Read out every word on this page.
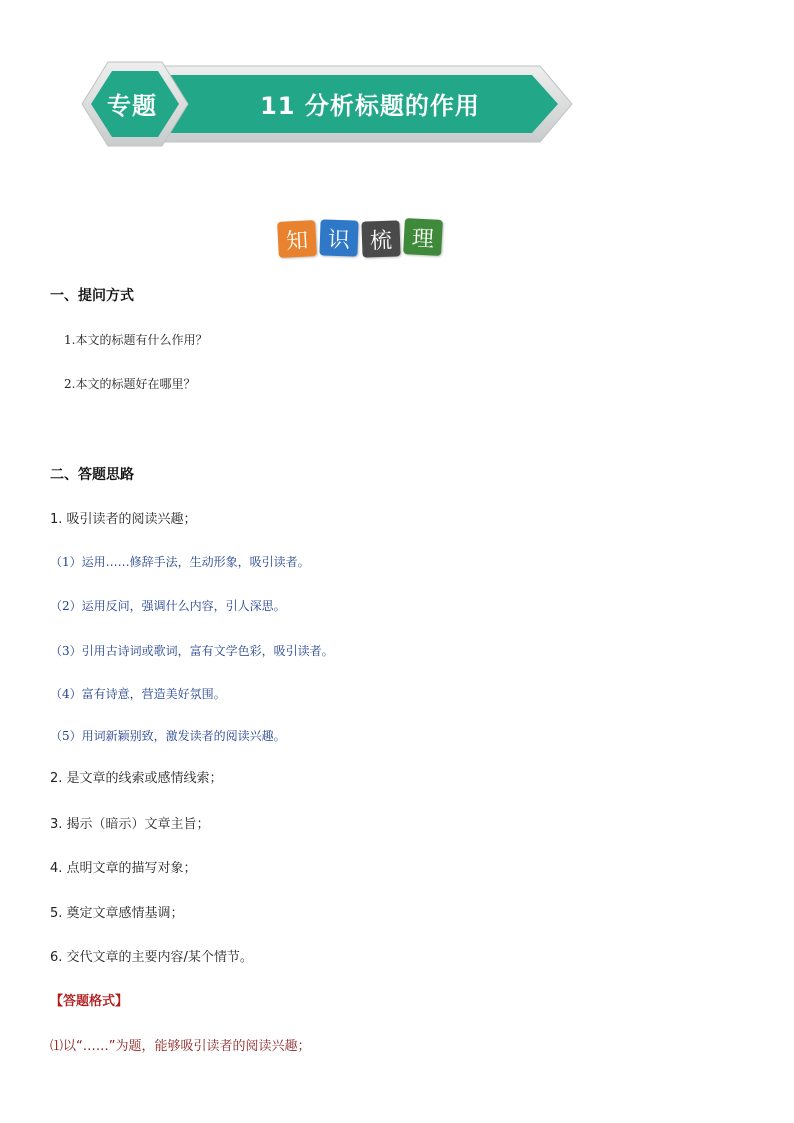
专题	11 分析标题的作用
知 识 梳 理
一、提问方式
1.本文的标题有什么作用？
2.本文的标题好在哪里？
二、答题思路
1. 吸引读者的阅读兴趣；
（1）运用……修辞手法，生动形象，吸引读者。
（2）运用反问，强调什么内容，引人深思。
（3）引用古诗词或歌词，富有文学色彩，吸引读者。
（4）富有诗意，营造美好氛围。
（5）用词新颖别致，激发读者的阅读兴趣。
2. 是文章的线索或感情线索；
3. 揭示（暗示）文章主旨；
4. 点明文章的描写对象；
5. 奠定文章感情基调；
6. 交代文章的主要内容/某个情节。
【答题格式】
⑴以“……”为题，能够吸引读者的阅读兴趣；
